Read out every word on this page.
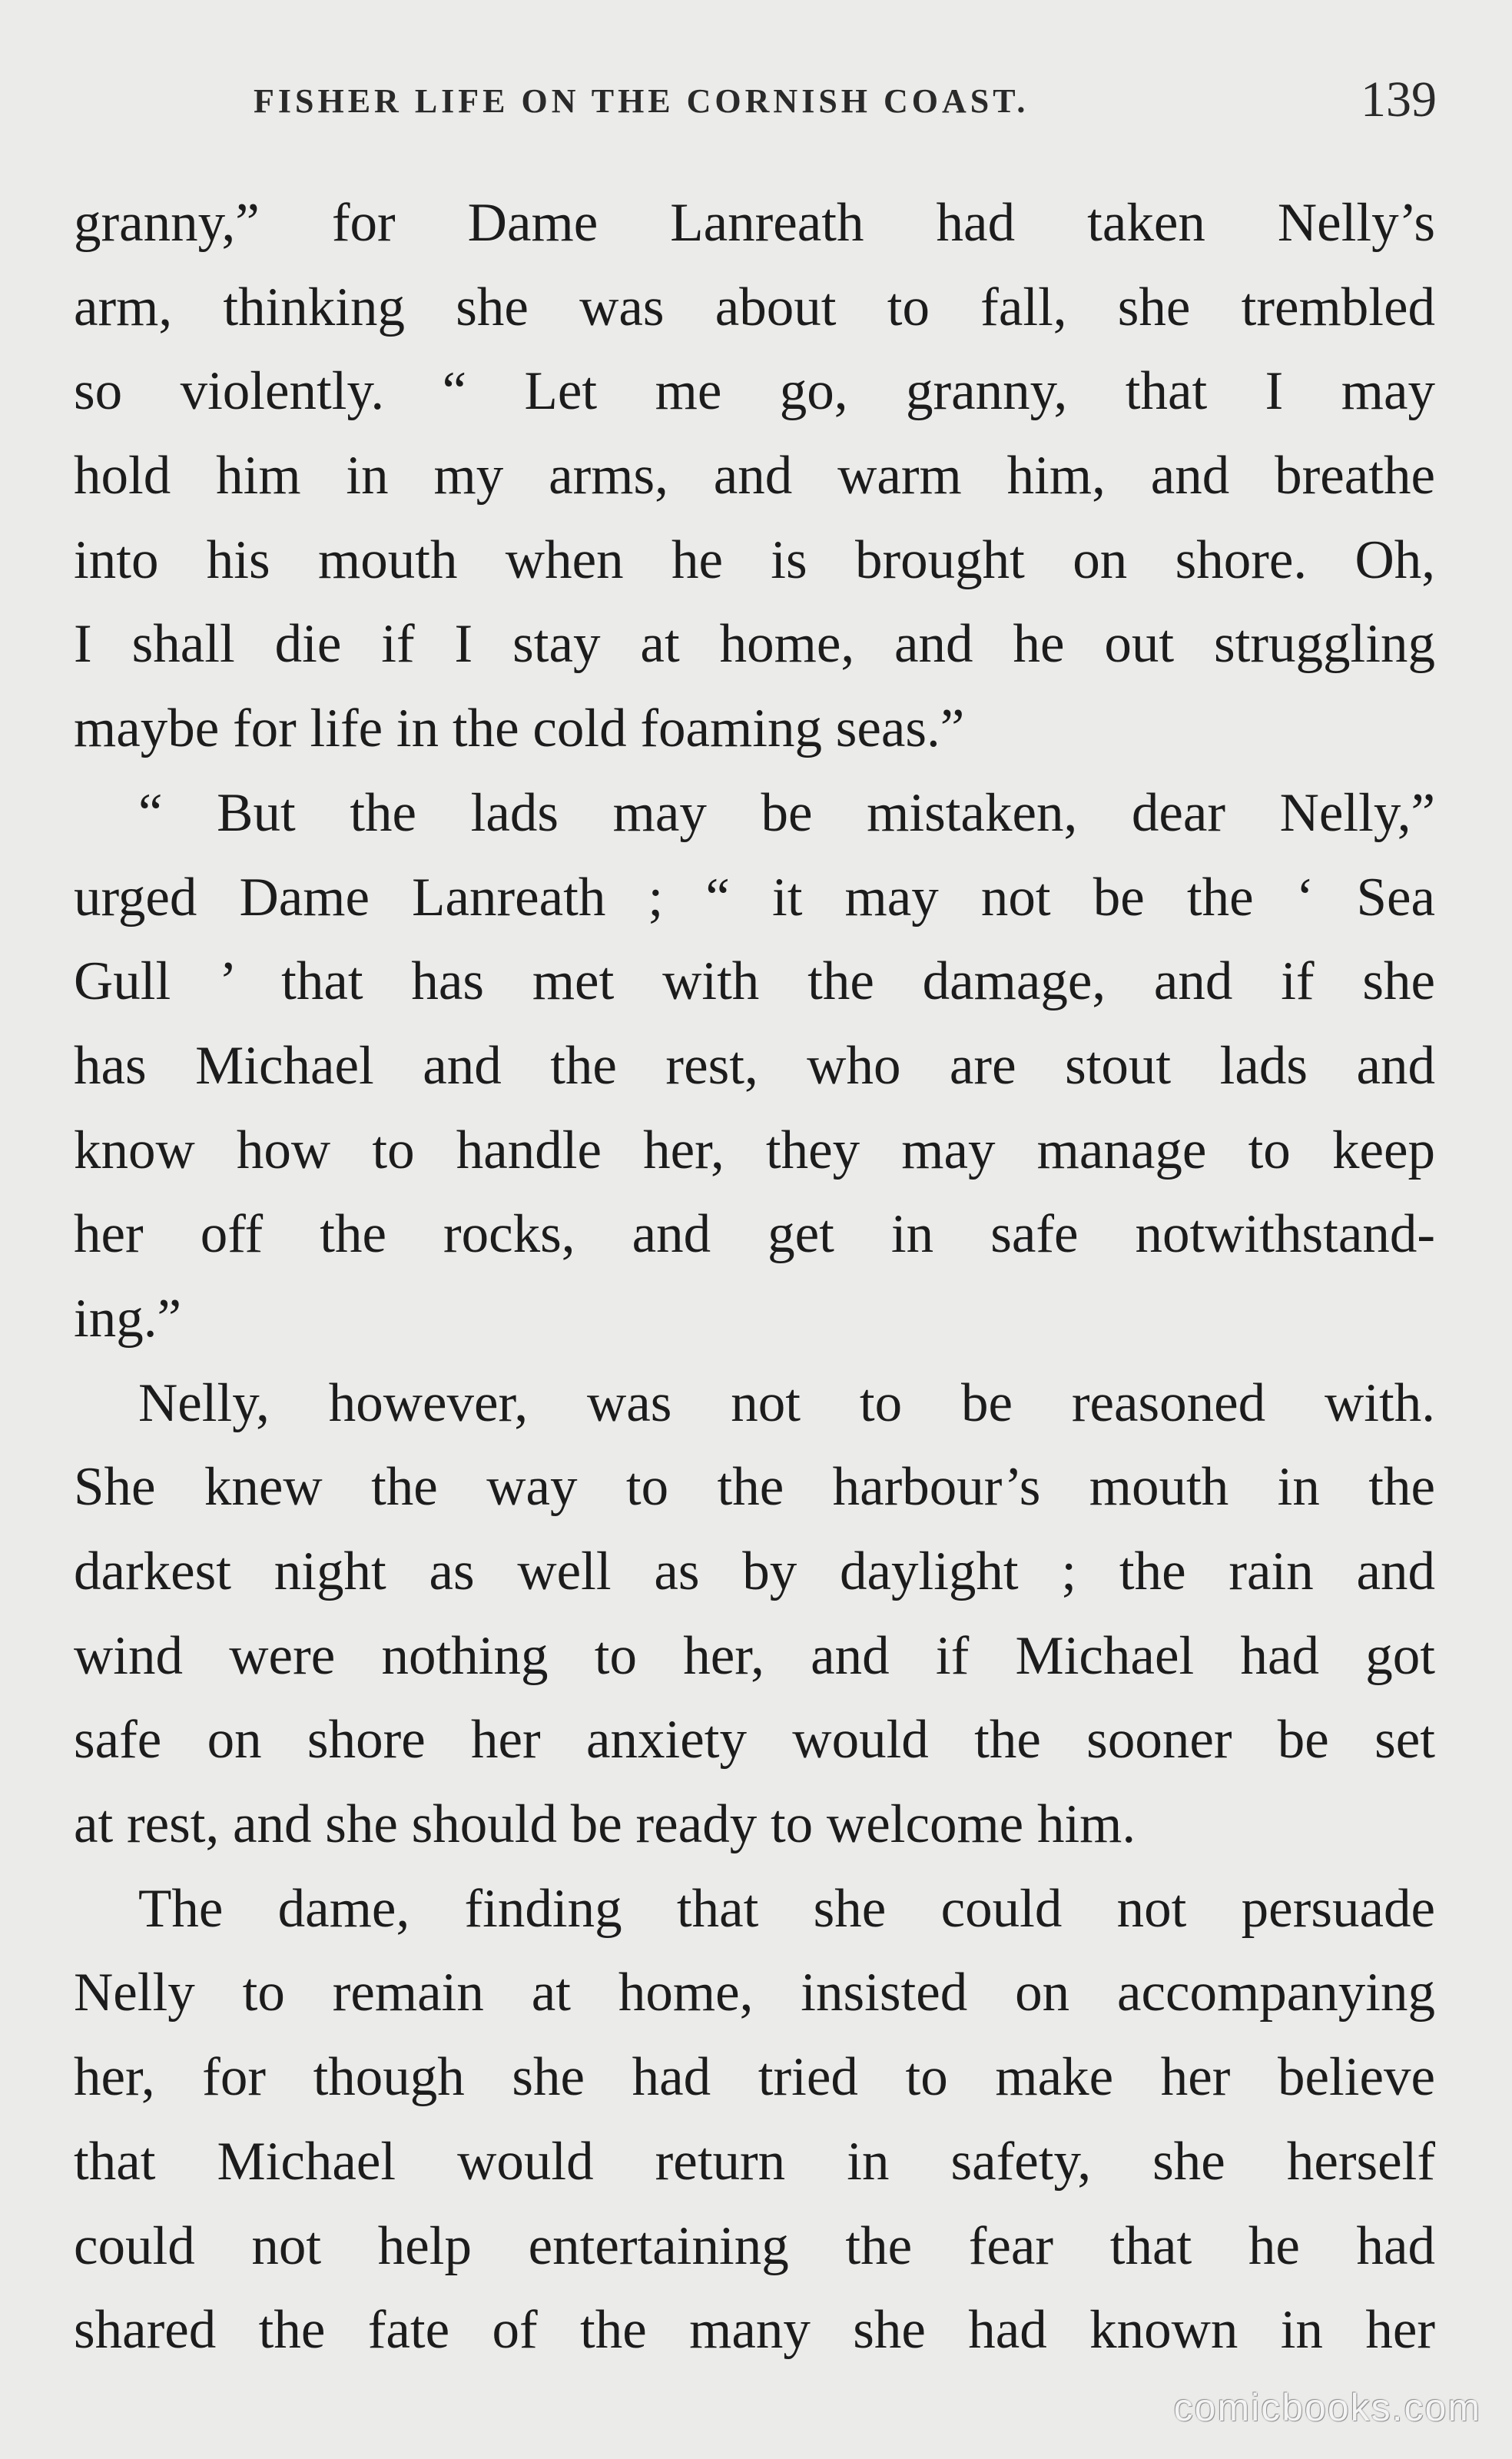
FISHER LIFE ON THE CORNISH COAST.	139
granny,” for Dame Lanreath had taken Nelly’s
arm, thinking she was about to fall, she trembled
so violently. “ Let me go, granny, that I may
hold him in my arms, and warm him, and breathe
into his mouth when he is brought on shore. Oh,
I shall die if I stay at home, and he out struggling
maybe for life in the cold foaming seas.”
“ But the lads may be mistaken, dear Nelly,”
urged Dame Lanreath ; “ it may not be the ‘ Sea
Gull ’ that has met with the damage, and if she
has Michael and the rest, who are stout lads and
know how to handle her, they may manage to keep
her off the rocks, and get in safe notwithstand-
ing.”
Nelly, however, was not to be reasoned with.
She knew the way to the harbour’s mouth in the
darkest night as well as by daylight ; the rain and
wind were nothing to her, and if Michael had got
safe on shore her anxiety would the sooner be set
at rest, and she should be ready to welcome him.
The dame, finding that she could not persuade
Nelly to remain at home, insisted on accompanying
her, for though she had tried to make her believe
that Michael would return in safety, she herself
could not help entertaining the fear that he had
shared the fate of the many she had known in her
comicbooks.com
